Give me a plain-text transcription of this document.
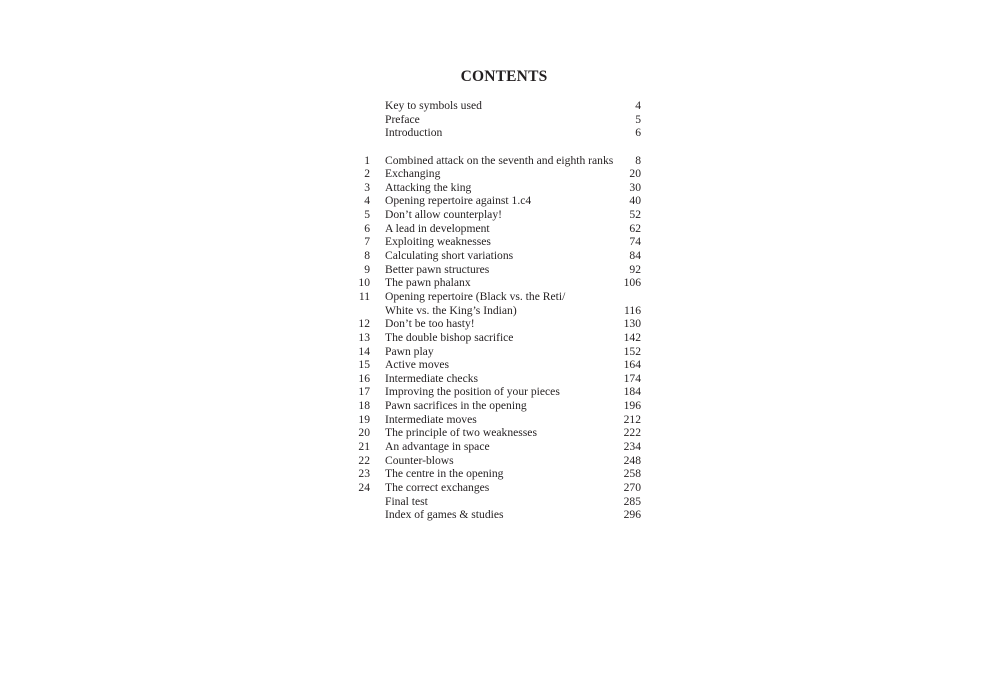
CONTENTS
Key to symbols used	4
Preface	5
Introduction	6
1 Combined attack on the seventh and eighth ranks 8
2 Exchanging	20
3 Attacking the king	30
4 Opening repertoire against 1.c4	40
5 Don’t allow counterplay!	52
6 A lead in development	62
7 Exploiting weaknesses	74
8 Calculating short variations	84
9 Better pawn structures	92
10 The pawn phalanx	106
11 Opening repertoire (Black vs. the Reti/
White vs. the King’s Indian)	116
12 Don’t be too hasty!	130
13 The double bishop sacrifice	142
14 Pawn play	152
15 Active moves	164
16 Intermediate checks	174
17 Improving the position of your pieces	184
18 Pawn sacrifices in the opening	196
19 Intermediate moves	212
20 The principle of two weaknesses	222
21 An advantage in space	234
22 Counter-blows	248
23 The centre in the opening	258
24 The correct exchanges	270
Final test	285
Index of games & studies	296
